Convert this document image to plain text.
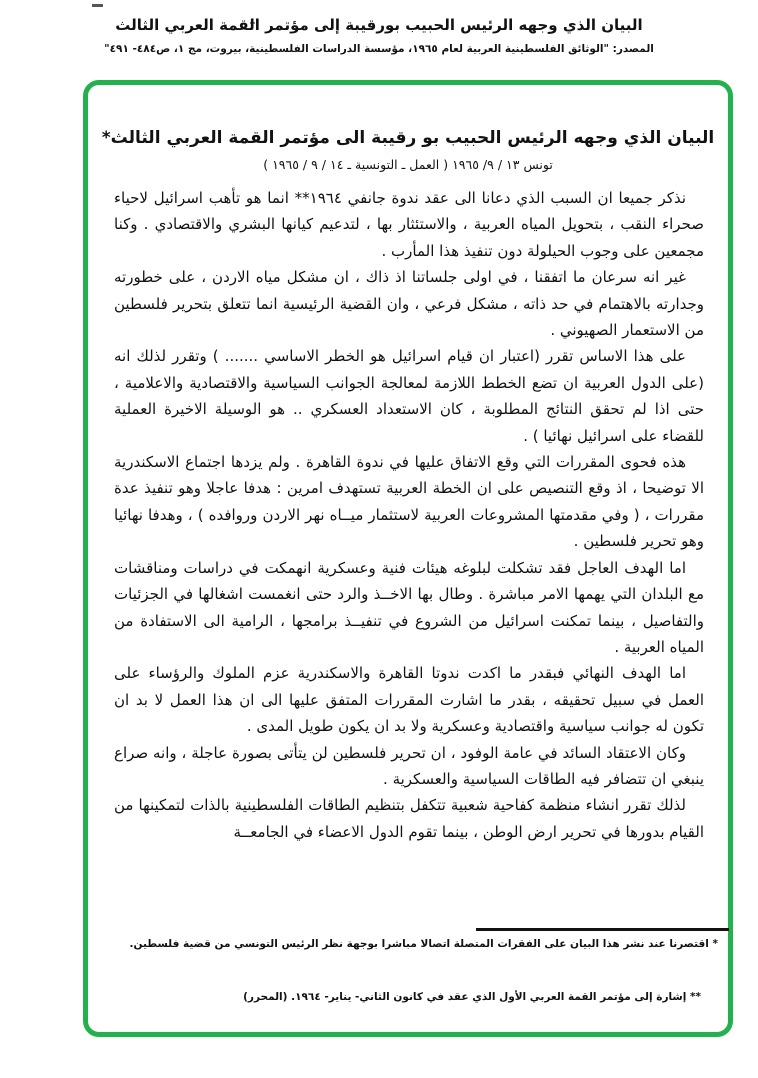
البيان الذي وجهه الرئيس الحبيب بورقيبة إلى مؤتمر القمة العربي الثالث
المصدر: "الوثائق الفلسطينية العربية لعام ١٩٦٥، مؤسسة الدراسات الفلسطينية، بيروت، مج ١، ص٤٨٤- ٤٩١"
البيان الذي وجهه الرئيس الحبيب بو رقيبة الى مؤتمر القمة العربي الثالث*
تونس ١٣ / ٩/ ١٩٦٥ ( العمل ـ التونسية ـ ١٤ / ٩ / ١٩٦٥ )

نذكر جميعا ان السبب الذي دعانا الى عقد ندوة جانفي ١٩٦٤** انما هو تأهب اسرائيل لاحياء صحراء النقب ، بتحويل المياه العربية ، والاستئثار بها ، لتدعيم كيانها البشري والاقتصادي . وكنا مجمعين على وجوب الحيلولة دون تنفيذ هذا المأرب .

غير انه سرعان ما اتفقنا ، في اولى جلساتنا اذ ذاك ، ان مشكل مياه الاردن ، على خطورته وجدارته بالاهتمام في حد ذاته ، مشكل فرعي ، وان القضية الرئيسية انما تتعلق بتحرير فلسطين من الاستعمار الصهيوني .

على هذا الاساس تقرر (اعتبار ان قيام اسرائيل هو الخطر الاساسي ....... ) وتقرر لذلك انه (على الدول العربية ان تضع الخطط اللازمة لمعالجة الجوانب السياسية والاقتصادية والاعلامية ، حتى اذا لم تحقق النتائج المطلوبة ، كان الاستعداد العسكري .. هو الوسيلة الاخيرة العملية للقضاء على اسرائيل نهائيا ) .

هذه فحوى المقررات التي وقع الاتفاق عليها في ندوة القاهرة . ولم يزدها اجتماع الاسكندرية الا توضيحا ، اذ وقع التنصيص على ان الخطة العربية تستهدف امرين : هدفا عاجلا وهو تنفيذ عدة مقررات ، ( وفي مقدمتها المشروعات العربية لاستثمار ميــاه نهر الاردن وروافده ) ، وهدفا نهائيا وهو تحرير فلسطين .

اما الهدف العاجل فقد تشكلت لبلوغه هيئات فنية وعسكرية انهمكت في دراسات ومناقشات مع البلدان التي يهمها الامر مباشرة . وطال بها الاخــذ والرد حتى انغمست اشغالها في الجزئيات والتفاصيل ، بينما تمكنت اسرائيل من الشروع في تنفيــذ برامجها ، الرامية الى الاستفادة من المياه العربية .

اما الهدف النهائي فبقدر ما اكدت ندوتا القاهرة والاسكندرية عزم الملوك والرؤساء على العمل في سبيل تحقيقه ، بقدر ما اشارت المقررات المتفق عليها الى ان هذا العمل لا بد ان تكون له جوانب سياسية واقتصادية وعسكرية ولا بد ان يكون طويل المدى .

وكان الاعتقاد السائد في عامة الوفود ، ان تحرير فلسطين لن يتأتى بصورة عاجلة ، وانه صراع ينبغي ان تتضافر فيه الطاقات السياسية والعسكرية .

لذلك تقرر انشاء منظمة كفاحية شعبية تتكفل بتنظيم الطاقات الفلسطينية بالذات لتمكينها من القيام بدورها في تحرير ارض الوطن ، بينما تقوم الدول الاعضاء في الجامعــة

* اقتصرنا عند نشر هذا البيان على الفقرات المتصلة اتصالا مباشرا بوجهة نظر الرئيس التونسي من قضية فلسطين.
** إشارة إلى مؤتمر القمة العربي الأول الذي عقد في كانون الثاني- يناير- ١٩٦٤. (المحرر)
